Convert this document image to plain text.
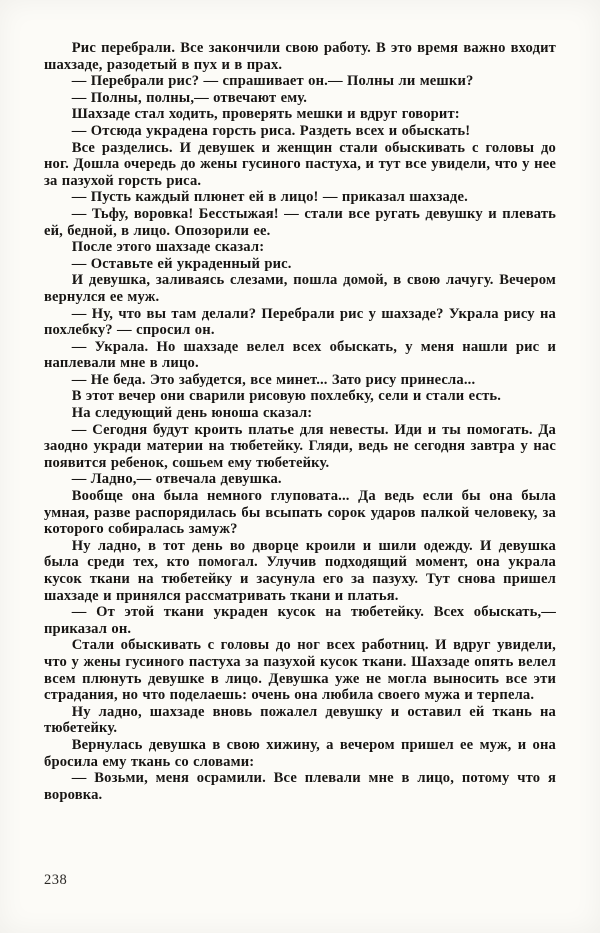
Рис перебрали. Все закончили свою работу. В это время важно входит шахзаде, разодетый в пух и в прах.

— Перебрали рис? — спрашивает он.— Полны ли мешки?

— Полны, полны,— отвечают ему.

Шахзаде стал ходить, проверять мешки и вдруг говорит:

— Отсюда украдена горсть риса. Раздеть всех и обыскать!

Все разделись. И девушек и женщин стали обыскивать с головы до ног. Дошла очередь до жены гусиного пастуха, и тут все увидели, что у нее за пазухой горсть риса.

— Пусть каждый плюнет ей в лицо! — приказал шахзаде.

— Тьфу, воровка! Бесстыжая! — стали все ругать девушку и плевать ей, бедной, в лицо. Опозорили ее.

После этого шахзаде сказал:

— Оставьте ей украденный рис.

И девушка, заливаясь слезами, пошла домой, в свою лачугу. Вечером вернулся ее муж.

— Ну, что вы там делали? Перебрали рис у шахзаде? Украла рису на похлебку? — спросил он.

— Украла. Но шахзаде велел всех обыскать, у меня нашли рис и наплевали мне в лицо.

— Не беда. Это забудется, все минет... Зато рису принесла...

В этот вечер они сварили рисовую похлебку, сели и стали есть.

На следующий день юноша сказал:

— Сегодня будут кроить платье для невесты. Иди и ты помогать. Да заодно укради материи на тюбетейку. Гляди, ведь не сегодня завтра у нас появится ребенок, сошьем ему тюбетейку.

— Ладно,— отвечала девушка.

Вообще она была немного глуповата... Да ведь если бы она была умная, разве распорядилась бы всыпать сорок ударов палкой человеку, за которого собиралась замуж?

Ну ладно, в тот день во дворце кроили и шили одежду. И девушка была среди тех, кто помогал. Улучив подходящий момент, она украла кусок ткани на тюбетейку и засунула его за пазуху. Тут снова пришел шахзаде и принялся рассматривать ткани и платья.

— От этой ткани украден кусок на тюбетейку. Всех обыскать,— приказал он.

Стали обыскивать с головы до ног всех работниц. И вдруг увидели, что у жены гусиного пастуха за пазухой кусок ткани. Шахзаде опять велел всем плюнуть девушке в лицо. Девушка уже не могла выносить все эти страдания, но что поделаешь: очень она любила своего мужа и терпела.

Ну ладно, шахзаде вновь пожалел девушку и оставил ей ткань на тюбетейку.

Вернулась девушка в свою хижину, а вечером пришел ее муж, и она бросила ему ткань со словами:

— Возьми, меня осрамили. Все плевали мне в лицо, потому что я воровка.

238
